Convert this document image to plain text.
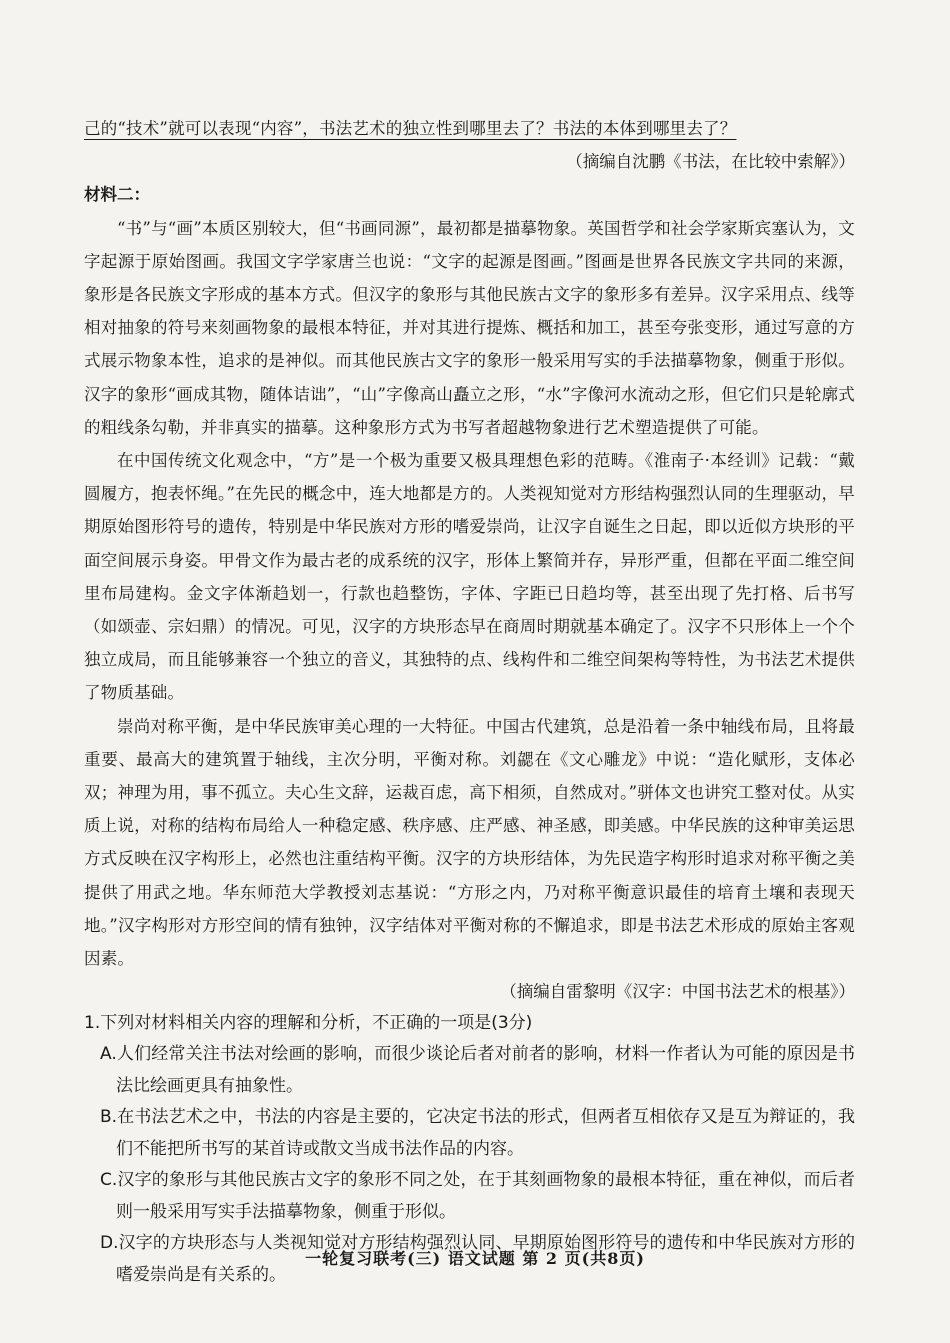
己的“技术”就可以表现“内容”，书法艺术的独立性到哪里去了？书法的本体到哪里去了？

（摘编自沈鹏《书法，在比较中索解》）

材料二：

“书”与“画”本质区别较大，但“书画同源”，最初都是描摹物象。英国哲学和社会学家斯宾塞认为，文字起源于原始图画。我国文字学家唐兰也说：“文字的起源是图画。”图画是世界各民族文字共同的来源，象形是各民族文字形成的基本方式。但汉字的象形与其他民族古文字的象形多有差异。汉字采用点、线等相对抽象的符号来刻画物象的最根本特征，并对其进行提炼、概括和加工，甚至夸张变形，通过写意的方式展示物象本性，追求的是神似。而其他民族古文字的象形一般采用写实的手法描摹物象，侧重于形似。汉字的象形“画成其物，随体诘诎”，“山”字像高山矗立之形，“水”字像河水流动之形，但它们只是轮廓式的粗线条勾勒，并非真实的描摹。这种象形方式为书写者超越物象进行艺术塑造提供了可能。

在中国传统文化观念中，“方”是一个极为重要又极具理想色彩的范畴。《淮南子·本经训》记载：“戴圆履方，抱表怀绳。”在先民的概念中，连大地都是方的。人类视知觉对方形结构强烈认同的生理驱动，早期原始图形符号的遗传，特别是中华民族对方形的嗜爱崇尚，让汉字自诞生之日起，即以近似方块形的平面空间展示身姿。甲骨文作为最古老的成系统的汉字，形体上繁简并存，异形严重，但都在平面二维空间里布局建构。金文字体渐趋划一，行款也趋整饬，字体、字距已日趋均等，甚至出现了先打格、后书写（如颂壶、宗妇鼎）的情况。可见，汉字的方块形态早在商周时期就基本确定了。汉字不只形体上一个个独立成局，而且能够兼容一个独立的音义，其独特的点、线构件和二维空间架构等特性，为书法艺术提供了物质基础。

崇尚对称平衡，是中华民族审美心理的一大特征。中国古代建筑，总是沿着一条中轴线布局，且将最重要、最高大的建筑置于轴线，主次分明，平衡对称。刘勰在《文心雕龙》中说：“造化赋形，支体必双；神理为用，事不孤立。夫心生文辞，运裁百虑，高下相须，自然成对。”骈体文也讲究工整对仗。从实质上说，对称的结构布局给人一种稳定感、秩序感、庄严感、神圣感，即美感。中华民族的这种审美运思方式反映在汉字构形上，必然也注重结构平衡。汉字的方块形结体，为先民造字构形时追求对称平衡之美提供了用武之地。华东师范大学教授刘志基说：“方形之内，乃对称平衡意识最佳的培育土壤和表现天地。”汉字构形对方形空间的情有独钟，汉字结体对平衡对称的不懈追求，即是书法艺术形成的原始主客观因素。

（摘编自雷黎明《汉字：中国书法艺术的根基》）

1.下列对材料相关内容的理解和分析，不正确的一项是(3分)

A.人们经常关注书法对绘画的影响，而很少谈论后者对前者的影响，材料一作者认为可能的原因是书法比绘画更具有抽象性。

B.在书法艺术之中，书法的内容是主要的，它决定书法的形式，但两者互相依存又是互为辩证的，我们不能把所书写的某首诗或散文当成书法作品的内容。

C.汉字的象形与其他民族古文字的象形不同之处，在于其刻画物象的最根本特征，重在神似，而后者则一般采用写实手法描摹物象，侧重于形似。

D.汉字的方块形态与人类视知觉对方形结构强烈认同、早期原始图形符号的遗传和中华民族对方形的嗜爱崇尚是有关系的。

一轮复习联考(三) 语文试题 第 2 页(共8页)
